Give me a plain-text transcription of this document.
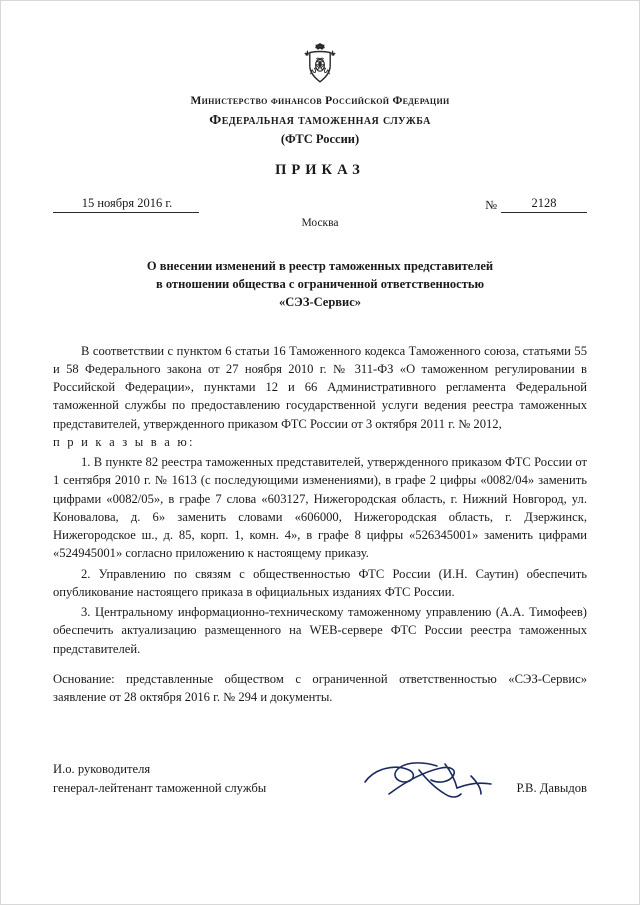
Министерство финансов Российской Федерации
Федеральная таможенная служба
(ФТС России)
ПРИКАЗ
15 ноября 2016 г.	№	2128
Москва
О внесении изменений в реестр таможенных представителей
в отношении общества с ограниченной ответственностью
«СЭЗ-Сервис»

В соответствии с пунктом 6 статьи 16 Таможенного кодекса Таможенного союза, статьями 55 и 58 Федерального закона от 27 ноября 2010 г. № 311-ФЗ «О таможенном регулировании в Российской Федерации», пунктами 12 и 66 Административного регламента Федеральной таможенной службы по предоставлению государственной услуги ведения реестра таможенных представителей, утвержденного приказом ФТС России от 3 октября 2011 г. № 2012,

п р и к а з ы в а ю:

1. В пункте 82 реестра таможенных представителей, утвержденного приказом ФТС России от 1 сентября 2010 г. № 1613 (с последующими изменениями), в графе 2 цифры «0082/04» заменить цифрами «0082/05», в графе 7 слова «603127, Нижегородская область, г. Нижний Новгород, ул. Коновалова, д. 6» заменить словами «606000, Нижегородская область, г. Дзержинск, Нижегородское ш., д. 85, корп. 1, комн. 4», в графе 8 цифры «526345001» заменить цифрами «524945001» согласно приложению к настоящему приказу.

2. Управлению по связям с общественностью ФТС России (И.Н. Саутин) обеспечить опубликование настоящего приказа в официальных изданиях ФТС России.

3. Центральному информационно-техническому таможенному управлению (А.А. Тимофеев) обеспечить актуализацию размещенного на WEB-сервере ФТС России реестра таможенных представителей.

Основание: представленные обществом с ограниченной ответственностью «СЭЗ-Сервис» заявление от 28 октября 2016 г. № 294 и документы.

И.о. руководителя
генерал-лейтенант таможенной службы	Р.В. Давыдов
